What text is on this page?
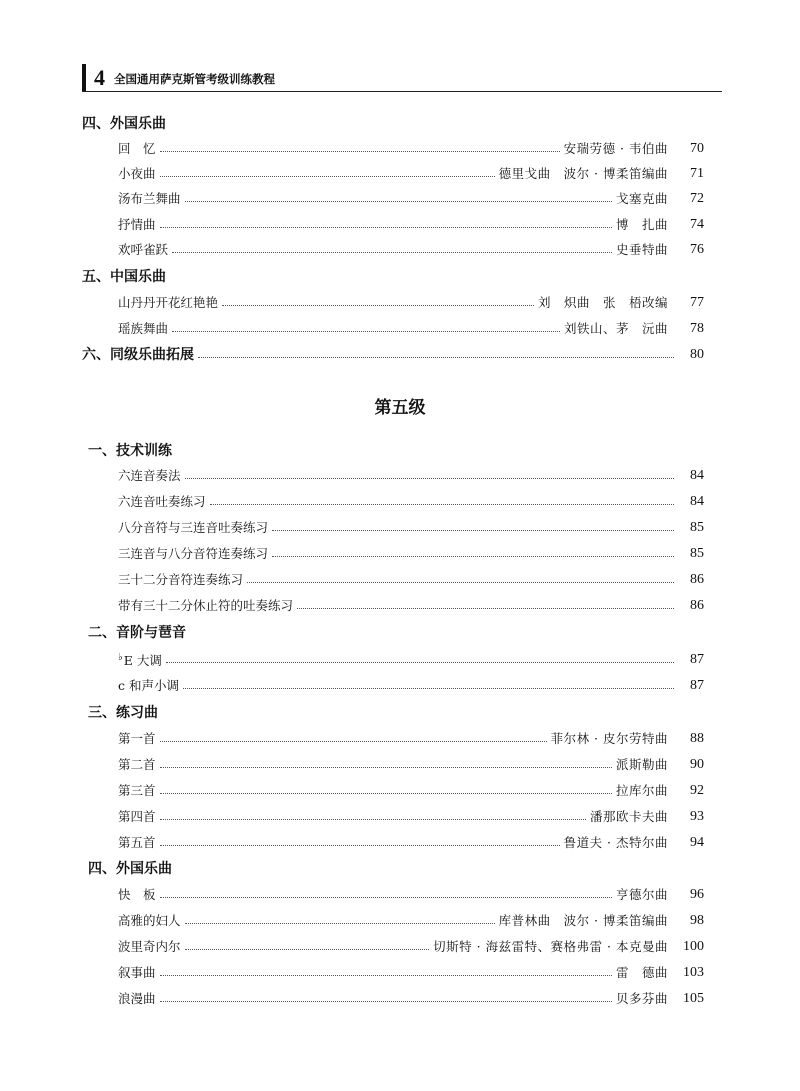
4 全国通用萨克斯管考级训练教程
四、外国乐曲
回　忆	安瑞劳德 · 韦伯曲	70
小夜曲	德里戈曲　波尔 · 博柔笛编曲	71
汤布兰舞曲	戈塞克曲	72
抒情曲	博　扎曲	74
欢呼雀跃	史垂特曲	76
五、中国乐曲
山丹丹开花红艳艳	刘　炽曲　张　梧改编	77
瑶族舞曲	刘铁山、茅　沅曲	78
六、同级乐曲拓展	80
第五级
一、技术训练
六连音奏法	84
六连音吐奏练习	84
八分音符与三连音吐奏练习	85
三连音与八分音符连奏练习	85
三十二分音符连奏练习	86
带有三十二分休止符的吐奏练习	86
二、音阶与琶音
♭E 大调	87
c 和声小调	87
三、练习曲
第一首	菲尔林 · 皮尔劳特曲	88
第二首	派斯勒曲	90
第三首	拉库尔曲	92
第四首	潘那欧卡夫曲	93
第五首	鲁道夫 · 杰特尔曲	94
四、外国乐曲
快　板	亨德尔曲	96
高雅的妇人	库普林曲　波尔 · 博柔笛编曲	98
波里奇内尔	切斯特 · 海兹雷特、赛格弗雷 · 本克曼曲	100
叙事曲	雷　德曲	103
浪漫曲	贝多芬曲	105
